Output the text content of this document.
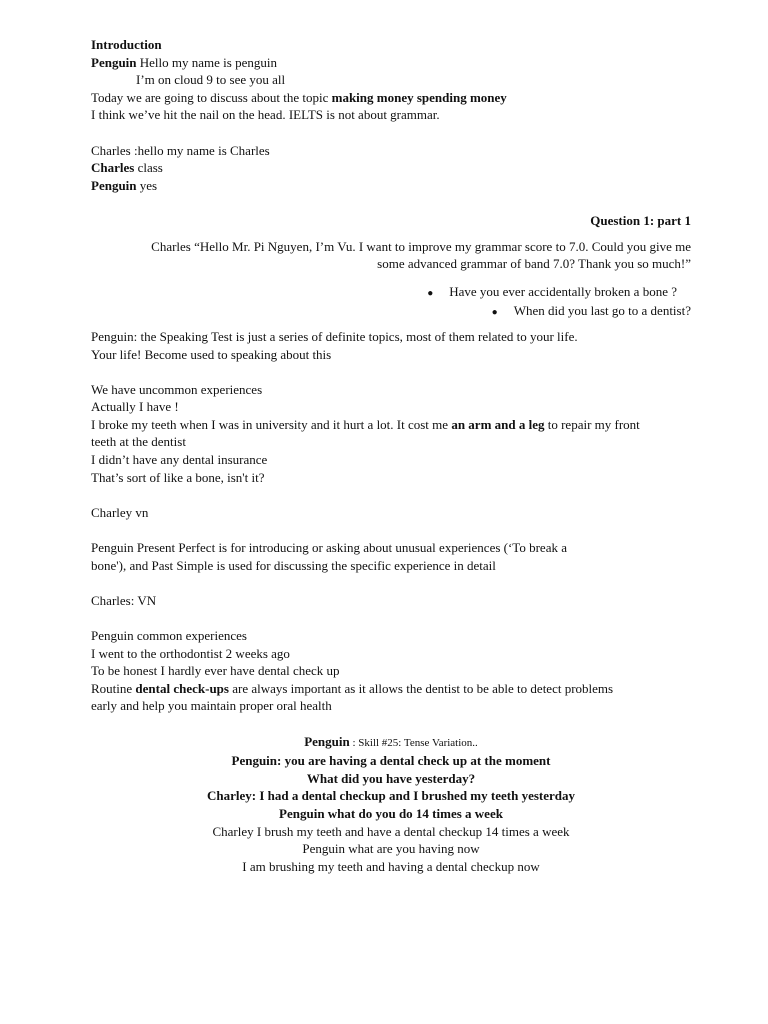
Introduction

Penguin Hello my name is penguin

I’m on cloud 9 to see you all

Today we are going to discuss about the topic making money spending money

I think we’ve hit the nail on the head. IELTS is not about grammar.

Charles :hello my name is Charles

Charles class

Penguin yes

Question 1: part 1

Charles “Hello Mr. Pi Nguyen, I’m Vu. I want to improve my grammar score to 7.0. Could you give me some advanced grammar of band 7.0? Thank you so much!”

● Have you ever accidentally broken a bone ?

● When did you last go to a dentist?

Penguin: the Speaking Test is just a series of definite topics, most of them related to your life.

Your life! Become used to speaking about this

We have uncommon experiences

Actually I have !

I broke my teeth when I was in university and it hurt a lot. It cost me an arm and a leg to repair my front

teeth at the dentist

I didn’t have any dental insurance

That’s sort of like a bone, isn't it?

Charley vn

Penguin Present Perfect is for introducing or asking about unusual experiences (‘To break a

bone'), and Past Simple is used for discussing the specific experience in detail

Charles: VN

Penguin common experiences

I went to the orthodontist 2 weeks ago

To be honest I hardly ever have dental check up

Routine dental check-ups are always important as it allows the dentist to be able to detect problems

early and help you maintain proper oral health

Penguin : Skill #25: Tense Variation..

Penguin: you are having a dental check up at the moment

What did you have yesterday?

Charley: I had a dental checkup and I brushed my teeth yesterday

Penguin what do you do 14 times a week

Charley I brush my teeth and have a dental checkup 14 times a week

Penguin what are you having now

I am brushing my teeth and having a dental checkup now
